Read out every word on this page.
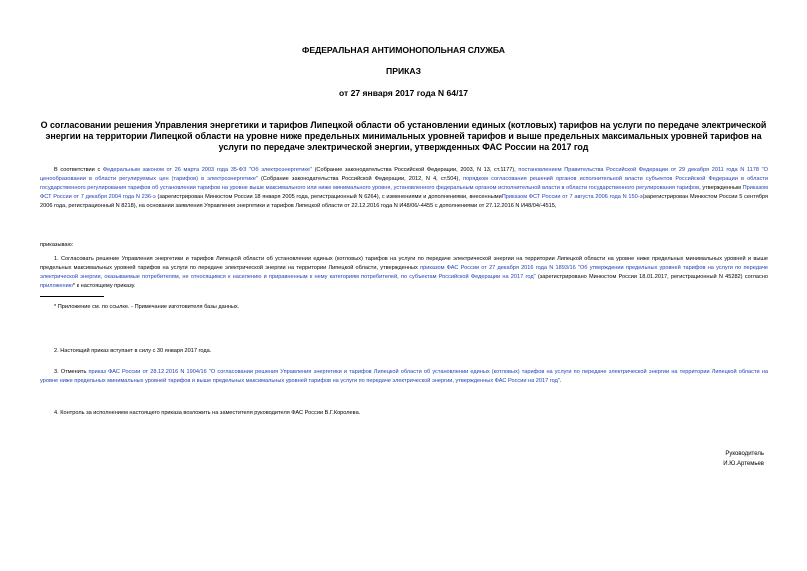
ФЕДЕРАЛЬНАЯ АНТИМОНОПОЛЬНАЯ СЛУЖБА
ПРИКАЗ
от 27 января 2017 года N 64/17
О согласовании решения Управления энергетики и тарифов Липецкой области об установлении единых (котловых) тарифов на услуги по передаче электрической энергии на территории Липецкой области на уровне ниже предельных минимальных уровней тарифов и выше предельных максимальных уровней тарифов на услуги по передаче электрической энергии, утвержденных ФАС России на 2017 год
В соответствии с Федеральным законом от 26 марта 2003 года 35-ФЗ "Об электроэнергетике" (Собрание законодательства Российской Федерации, 2003, N 13, ст.1177), постановлением Правительства Российской Федерации от 29 декабря 2011 года N 1178 "О ценообразовании в области регулируемых цен (тарифов) в электроэнергетике" (Собрание законодательства Российской Федерации, 2012, N 4, ст.504), порядком согласования решений органов исполнительной власти субъектов Российской Федерации в области государственного регулирования тарифов об установлении тарифов на уровне выше максимального или ниже минимального уровня, установленного федеральным органом исполнительной власти в области государственного регулирования тарифов, утвержденным Приказом ФСТ России от 7 декабря 2004 года N 236-э (зарегистрирован Минюстом России 18 января 2005 года, регистрационный N 6264), с изменениями и дополнениями, внесеннымиПриказом ФСТ России от 7 августа 2006 года N 150-э(зарегистрирован Минюстом России 5 сентября 2006 года, регистрационный N 8218), на основании заявления Управления энергетики и тарифов Липецкой области от 22.12.2016 года N И48/06/-4455 с дополнениями от 27.12.2016 N И48/04/-4515,
приказываю:
1. Согласовать решение Управления энергетики и тарифов Липецкой области об установлении единых (котловых) тарифов на услуги по передаче электрической энергии на территории Липецкой области на уровне ниже предельных минимальных уровней и выше предельных максимальных уровней тарифов на услуги по передаче электрической энергии на территории Липецкой области, утвержденных приказом ФАС России от 27 декабря 2016 года N 1893/16 "Об утверждении предельных уровней тарифов на услуги по передаче электрической энергии, оказываемые потребителям, не относящимся к населению и приравненным к нему категориям потребителей, по субъектам Российской Федерации на 2017 год" (зарегистрировано Минюстом России 18.01.2017, регистрационный N 45282) согласно приложению* к настоящему приказу.
* Приложение см. по ссылке. - Примечание изготовителя базы данных.
2. Настоящий приказ вступает в силу с 30 января 2017 года.
3. Отменить приказ ФАС России от 28.12.2016 N 1904/16 "О согласовании решения Управления энергетики и тарифов Липецкой области об установлении единых (котловых) тарифов на услуги по передаче электрической энергии на территории Липецкой области на уровне ниже предельных минимальных уровней тарифов и выше предельных максимальных уровней тарифов на услуги по передаче электрической энергии, утвержденных ФАС России на 2017 год".
4. Контроль за исполнением настоящего приказа возложить на заместителя руководителя ФАС России В.Г.Королева.
Руководитель
И.Ю.Артемьев
